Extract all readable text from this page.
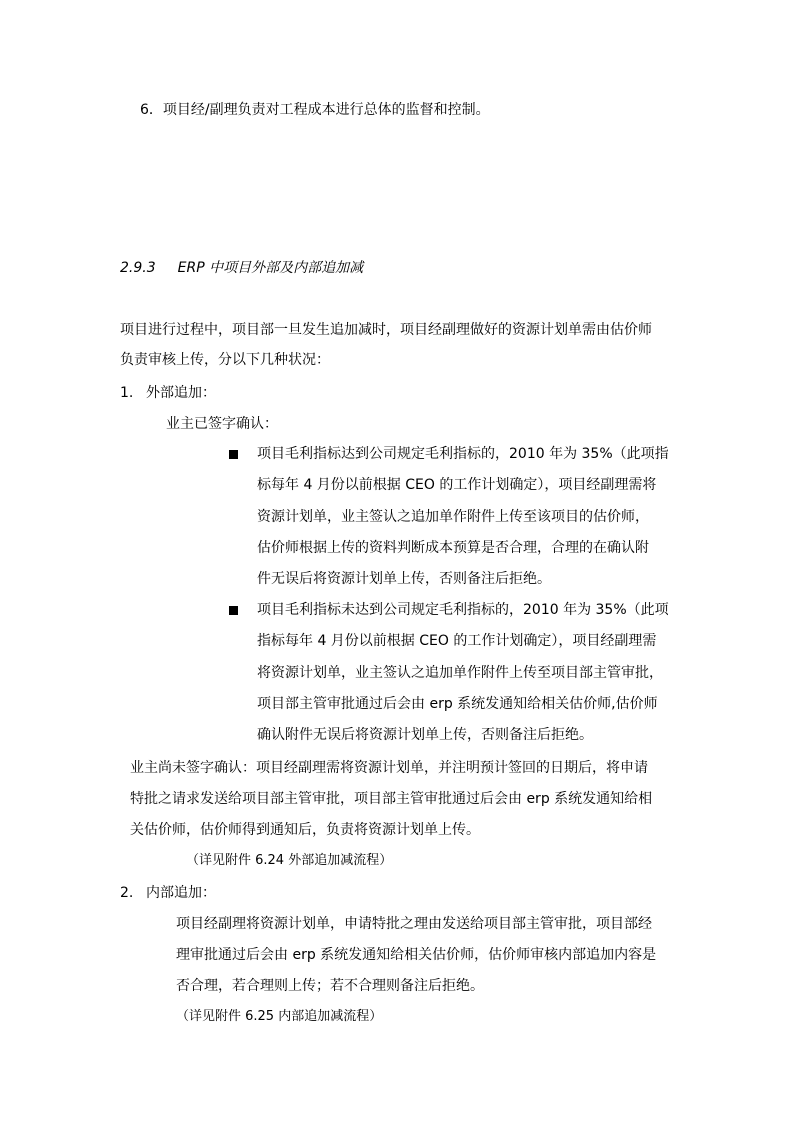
6．项目经/副理负责对工程成本进行总体的监督和控制。
2.9.3 ERP 中项目外部及内部追加减
项目进行过程中，项目部一旦发生追加减时，项目经副理做好的资源计划单需由估价师
负责审核上传，分以下几种状况：
1. 外部追加：
业主已签字确认：
项目毛利指标达到公司规定毛利指标的，2010 年为 35%（此项指
标每年 4 月份以前根据 CEO 的工作计划确定），项目经副理需将
资源计划单，业主签认之追加单作附件上传至该项目的估价师，
估价师根据上传的资料判断成本预算是否合理，合理的在确认附
件无误后将资源计划单上传，否则备注后拒绝。
项目毛利指标未达到公司规定毛利指标的，2010 年为 35%（此项
指标每年 4 月份以前根据 CEO 的工作计划确定），项目经副理需
将资源计划单，业主签认之追加单作附件上传至项目部主管审批，
项目部主管审批通过后会由 erp 系统发通知给相关估价师,估价师
确认附件无误后将资源计划单上传，否则备注后拒绝。
业主尚未签字确认：项目经副理需将资源计划单，并注明预计签回的日期后，将申请
特批之请求发送给项目部主管审批，项目部主管审批通过后会由 erp 系统发通知给相
关估价师，估价师得到通知后，负责将资源计划单上传。
（详见附件 6.24 外部追加减流程）
2. 内部追加：
项目经副理将资源计划单，申请特批之理由发送给项目部主管审批，项目部经
理审批通过后会由 erp 系统发通知给相关估价师，估价师审核内部追加内容是
否合理，若合理则上传；若不合理则备注后拒绝。
（详见附件 6.25 内部追加减流程）
